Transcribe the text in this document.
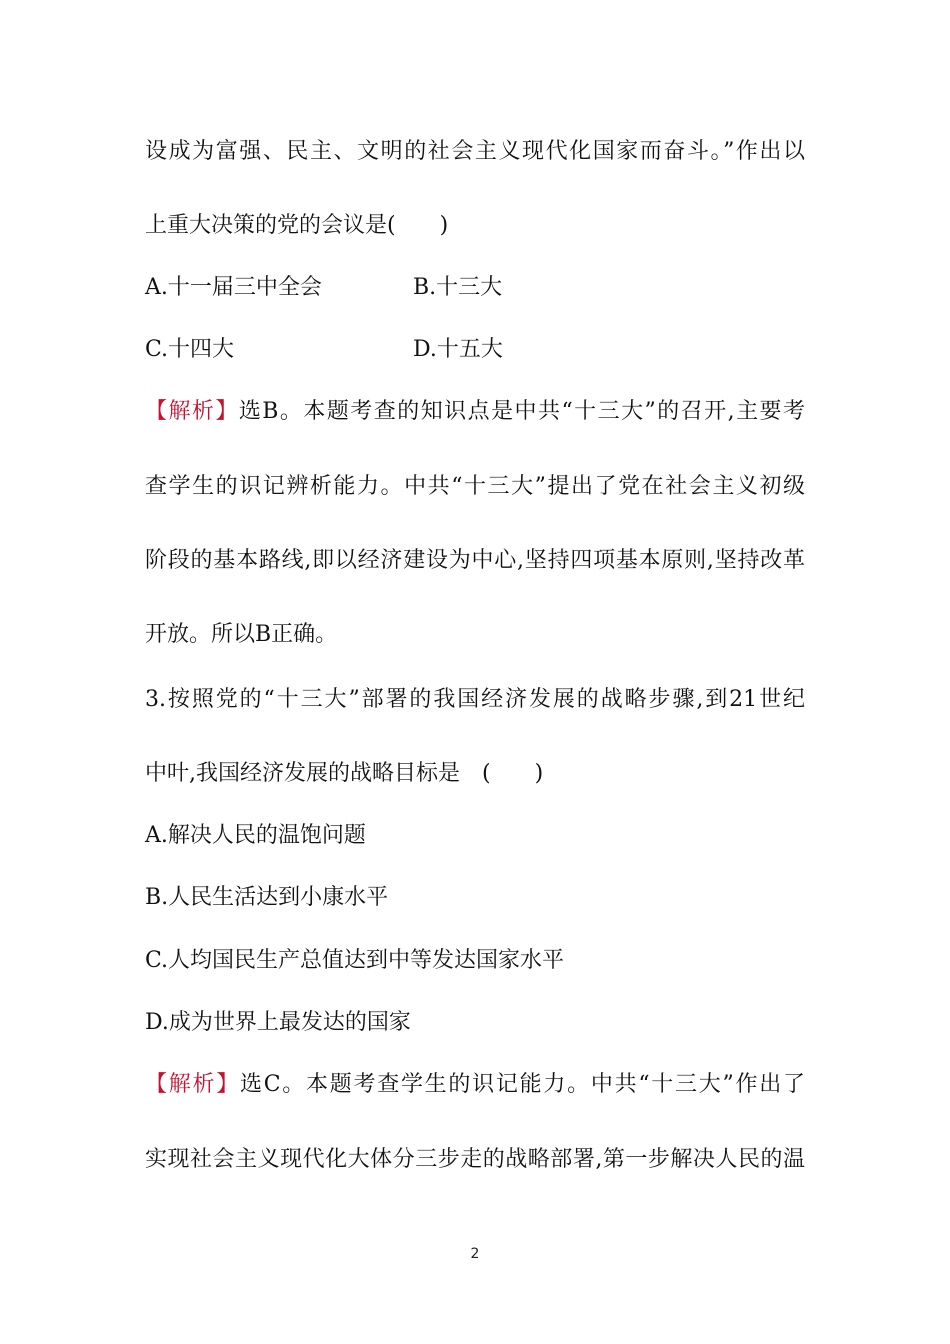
设成为富强、民主、文明的社会主义现代化国家而奋斗。”作出以
上重大决策的党的会议是(　　)
A.十一届三中全会	B.十三大
C.十四大	D.十五大
【解析】选B。本题考查的知识点是中共“十三大”的召开,主要考
查学生的识记辨析能力。中共“十三大”提出了党在社会主义初级
阶段的基本路线,即以经济建设为中心,坚持四项基本原则,坚持改革
开放。所以B正确。
3.按照党的“十三大”部署的我国经济发展的战略步骤,到21世纪
中叶,我国经济发展的战略目标是　(　　)
A.解决人民的温饱问题
B.人民生活达到小康水平
C.人均国民生产总值达到中等发达国家水平
D.成为世界上最发达的国家
【解析】选C。本题考查学生的识记能力。中共“十三大”作出了
实现社会主义现代化大体分三步走的战略部署,第一步解决人民的温
2
